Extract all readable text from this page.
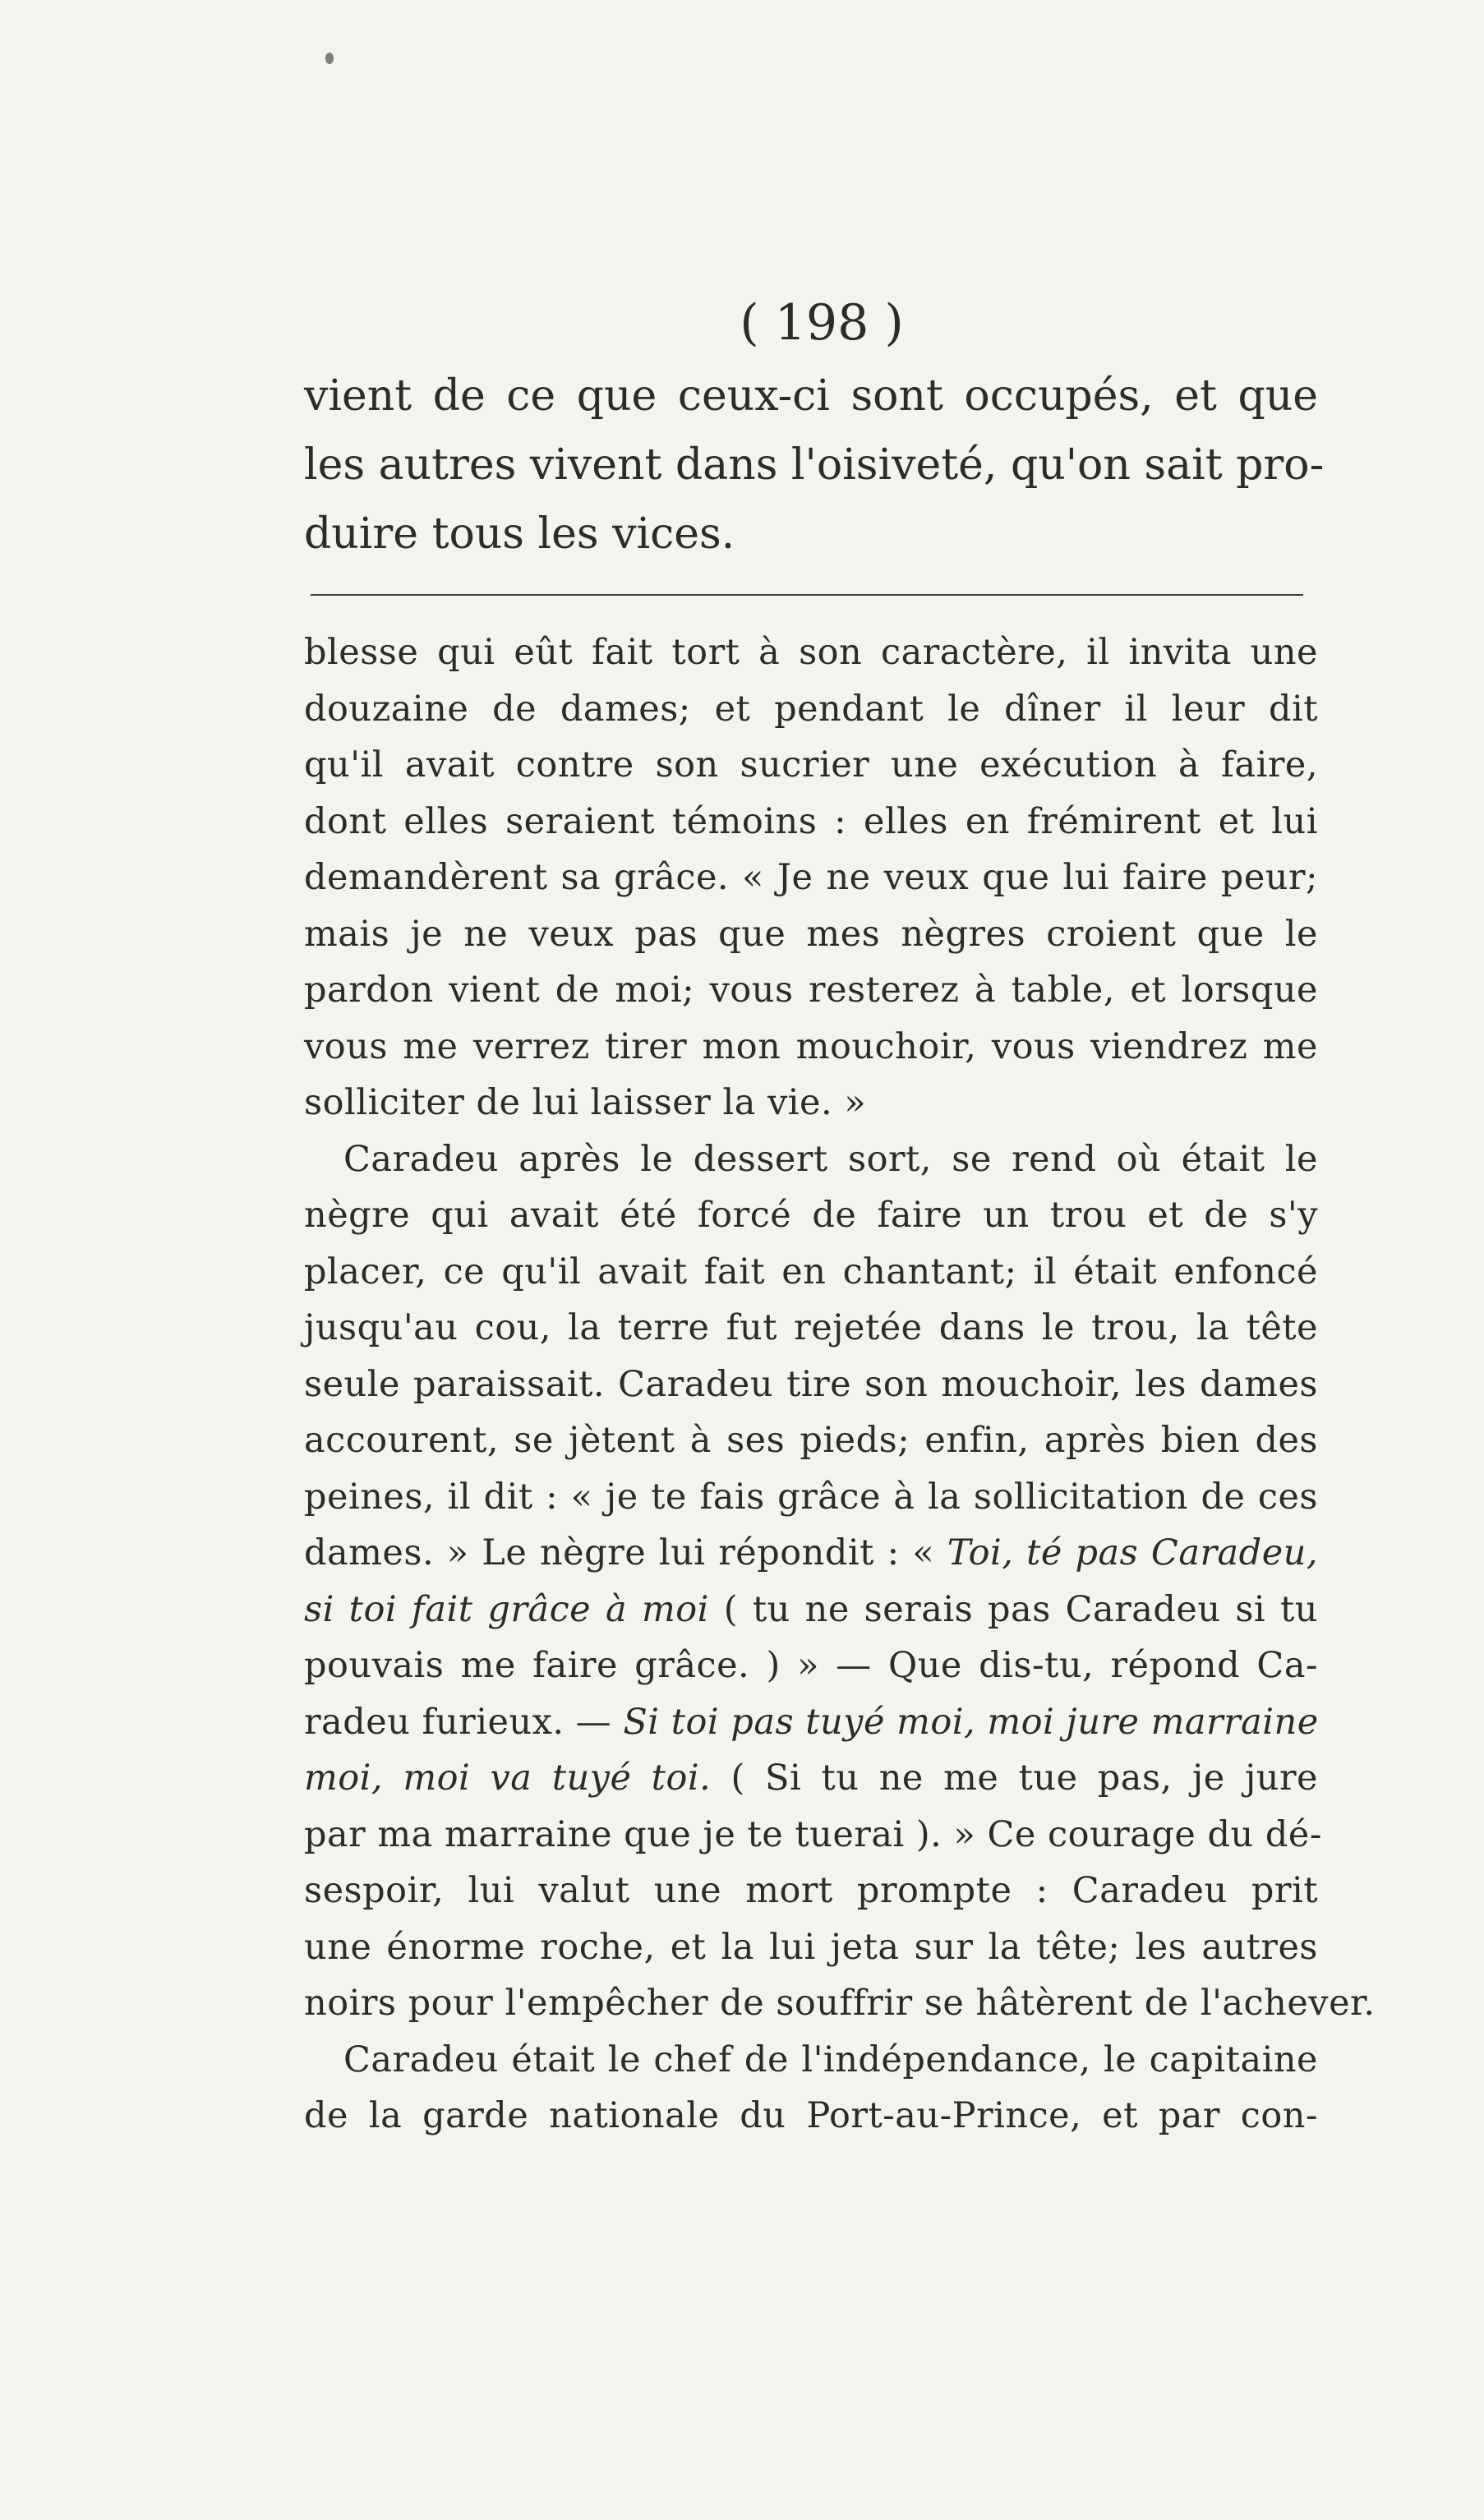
( 198 )
vient de ce que ceux-ci sont occupés, et que
les autres vivent dans l'oisiveté, qu'on sait pro-
duire tous les vices.
blesse qui eût fait tort à son caractère, il invita une
douzaine de dames; et pendant le dîner il leur dit
qu'il avait contre son sucrier une exécution à faire,
dont elles seraient témoins : elles en frémirent et lui
demandèrent sa grâce. « Je ne veux que lui faire peur;
mais je ne veux pas que mes nègres croient que le
pardon vient de moi; vous resterez à table, et lorsque
vous me verrez tirer mon mouchoir, vous viendrez me
solliciter de lui laisser la vie. »
Caradeu après le dessert sort, se rend où était le
nègre qui avait été forcé de faire un trou et de s'y
placer, ce qu'il avait fait en chantant; il était enfoncé
jusqu'au cou, la terre fut rejetée dans le trou, la tête
seule paraissait. Caradeu tire son mouchoir, les dames
accourent, se jètent à ses pieds; enfin, après bien des
peines, il dit : « je te fais grâce à la sollicitation de ces
dames. » Le nègre lui répondit : « Toi, té pas Caradeu,
si toi fait grâce à moi ( tu ne serais pas Caradeu si tu
pouvais me faire grâce. ) » — Que dis-tu, répond Ca-
radeu furieux. — Si toi pas tuyé moi, moi jure marraine
moi, moi va tuyé toi. ( Si tu ne me tue pas, je jure
par ma marraine que je te tuerai ). » Ce courage du dé-
sespoir, lui valut une mort prompte : Caradeu prit
une énorme roche, et la lui jeta sur la tête; les autres
noirs pour l'empêcher de souffrir se hâtèrent de l'achever.
Caradeu était le chef de l'indépendance, le capitaine
de la garde nationale du Port-au-Prince, et par con-
